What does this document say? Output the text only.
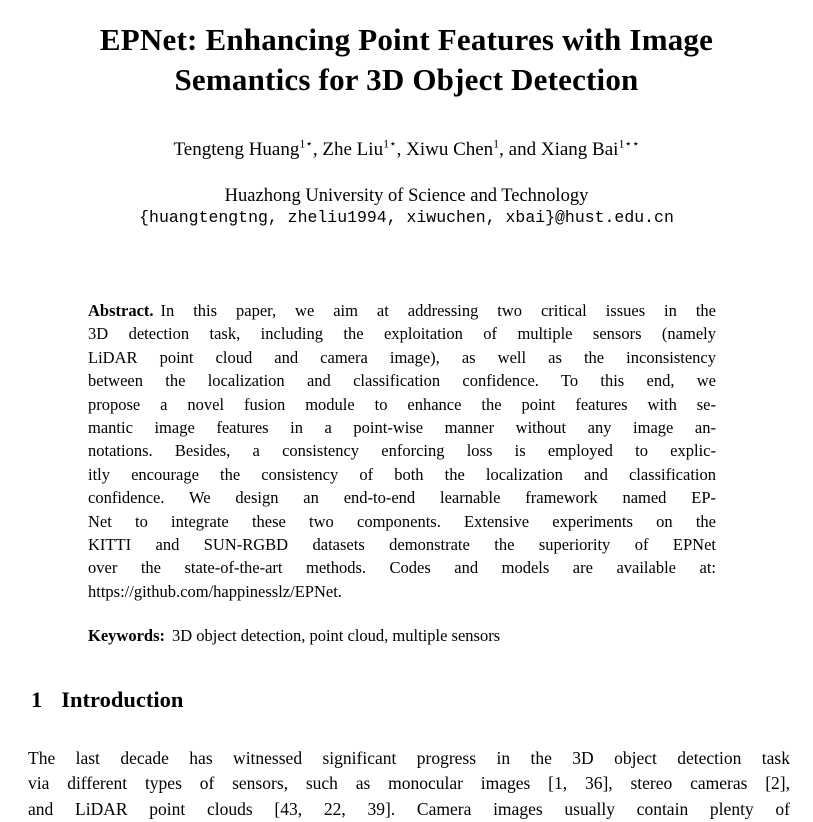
EPNet: Enhancing Point Features with Image
Semantics for 3D Object Detection
Tengteng Huang$^{1⋆}$, Zhe Liu$^{1⋆}$, Xiwu Chen$^1$, and Xiang Bai$^{1⋆⋆}$
Huazhong University of Science and Technology
{huangtengtng, zheliu1994, xiwuchen, xbai}@hust.edu.cn
Abstract. In this paper, we aim at addressing two critical issues in the
3D detection task, including the exploitation of multiple sensors (namely
LiDAR point cloud and camera image), as well as the inconsistency
between the localization and classification confidence. To this end, we
propose a novel fusion module to enhance the point features with se-
mantic image features in a point-wise manner without any image an-
notations. Besides, a consistency enforcing loss is employed to explic-
itly encourage the consistency of both the localization and classification
confidence. We design an end-to-end learnable framework named EP-
Net to integrate these two components. Extensive experiments on the
KITTI and SUN-RGBD datasets demonstrate the superiority of EPNet
over the state-of-the-art methods. Codes and models are available at:
https://github.com/happinesslz/EPNet.
Keywords: 3D object detection, point cloud, multiple sensors
1 Introduction
The last decade has witnessed significant progress in the 3D object detection task
via different types of sensors, such as monocular images [1, 36], stereo cameras [2],
and LiDAR point clouds [43, 22, 39]. Camera images usually contain plenty of
